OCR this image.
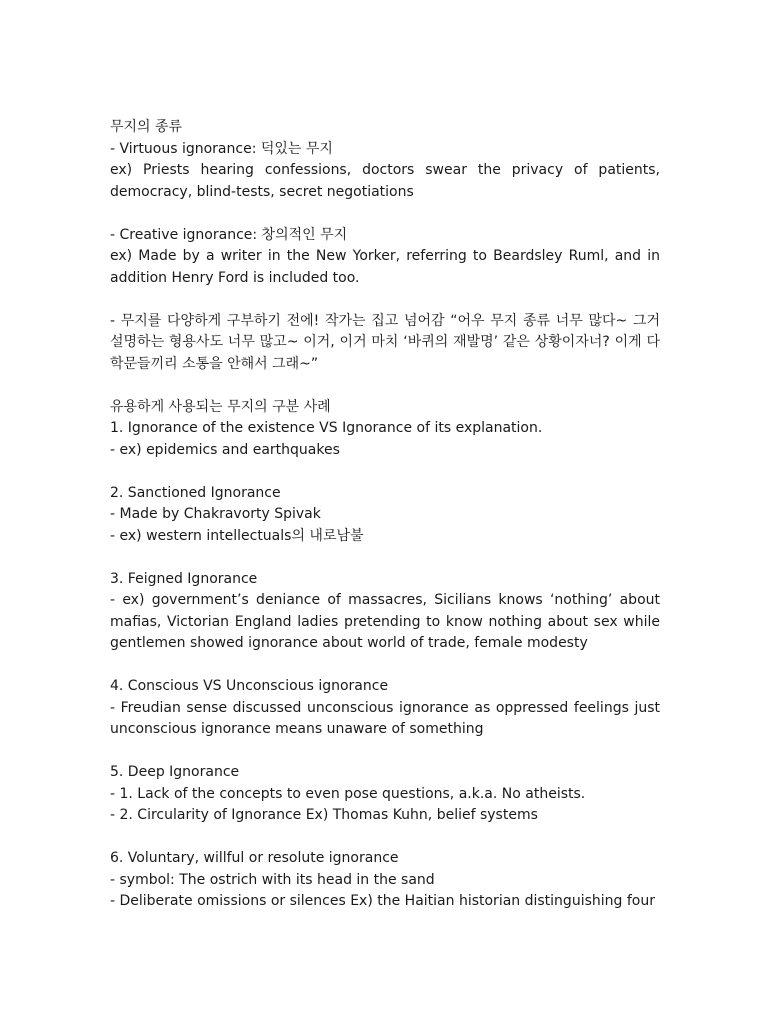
무지의 종류
- Virtuous ignorance: 덕있는 무지
ex) Priests hearing confessions, doctors swear the privacy of patients, democracy, blind-tests, secret negotiations
- Creative ignorance: 창의적인 무지
ex) Made by a writer in the New Yorker, referring to Beardsley Ruml, and in addition Henry Ford is included too.
- 무지를 다양하게 구부하기 전에! 작가는 집고 넘어감 “어우 무지 종류 너무 많다~ 그거 설명하는 형용사도 너무 많고~ 이거, 이거 마치 ‘바퀴의 재발명’ 같은 상황이자너? 이게 다 학문들끼리 소통을 안해서 그래~”
유용하게 사용되는 무지의 구분 사례
1. Ignorance of the existence VS Ignorance of its explanation.
- ex) epidemics and earthquakes
2. Sanctioned Ignorance
- Made by Chakravorty Spivak
- ex) western intellectuals의 내로남불
3. Feigned Ignorance
- ex) government’s deniance of massacres, Sicilians knows ‘nothing’ about mafias, Victorian England ladies pretending to know nothing about sex while gentlemen showed ignorance about world of trade, female modesty
4. Conscious VS Unconscious ignorance
- Freudian sense discussed unconscious ignorance as oppressed feelings just unconscious ignorance means unaware of something
5. Deep Ignorance
- 1. Lack of the concepts to even pose questions, a.k.a. No atheists.
- 2. Circularity of Ignorance Ex) Thomas Kuhn, belief systems
6. Voluntary, willful or resolute ignorance
- symbol: The ostrich with its head in the sand
- Deliberate omissions or silences Ex) the Haitian historian distinguishing four
